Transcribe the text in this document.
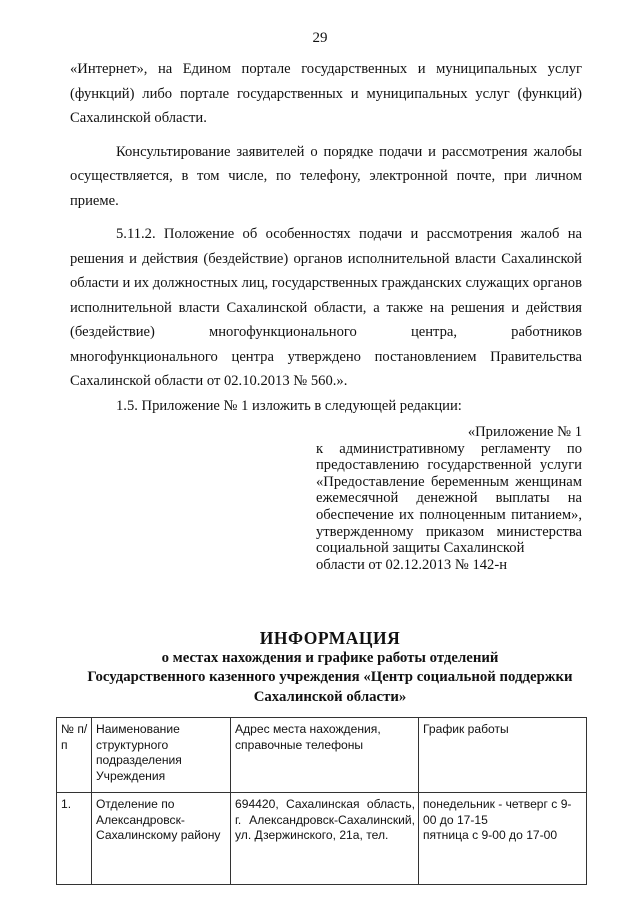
29

«Интернет», на Едином портале государственных и муниципальных услуг (функций) либо портале государственных и муниципальных услуг (функций) Сахалинской области.

Консультирование заявителей о порядке подачи и рассмотрения жалобы осуществляется, в том числе, по телефону, электронной почте, при личном приеме.

5.11.2. Положение об особенностях подачи и рассмотрения жалоб на решения и действия (бездействие) органов исполнительной власти Сахалинской области и их должностных лиц, государственных гражданских служащих органов исполнительной власти Сахалинской области, а также на решения и действия (бездействие) многофункционального центра, работников многофункционального центра утверждено постановлением Правительства Сахалинской области от 02.10.2013 № 560.».

1.5. Приложение № 1 изложить в следующей редакции:

«Приложение № 1
к административному регламенту по предоставлению государственной услуги «Предоставление беременным женщинам ежемесячной денежной выплаты на обеспечение их полноценным питанием», утвержденному приказом министерства социальной защиты Сахалинской
области от 02.12.2013 № 142-н
ИНФОРМАЦИЯ
о местах нахождения и графике работы отделений
Государственного казенного учреждения «Центр социальной поддержки
Сахалинской области»
№ п/п	Наименование структурного подразделения Учреждения	Адрес места нахождения, справочные телефоны	График работы
1.	Отделение по Александровск-Сахалинскому району	694420, Сахалинская область, г. Александровск-Сахалинский, ул. Дзержинского, 21а, тел.	понедельник - четверг с 9-00 до 17-15
пятница с 9-00 до 17-00
